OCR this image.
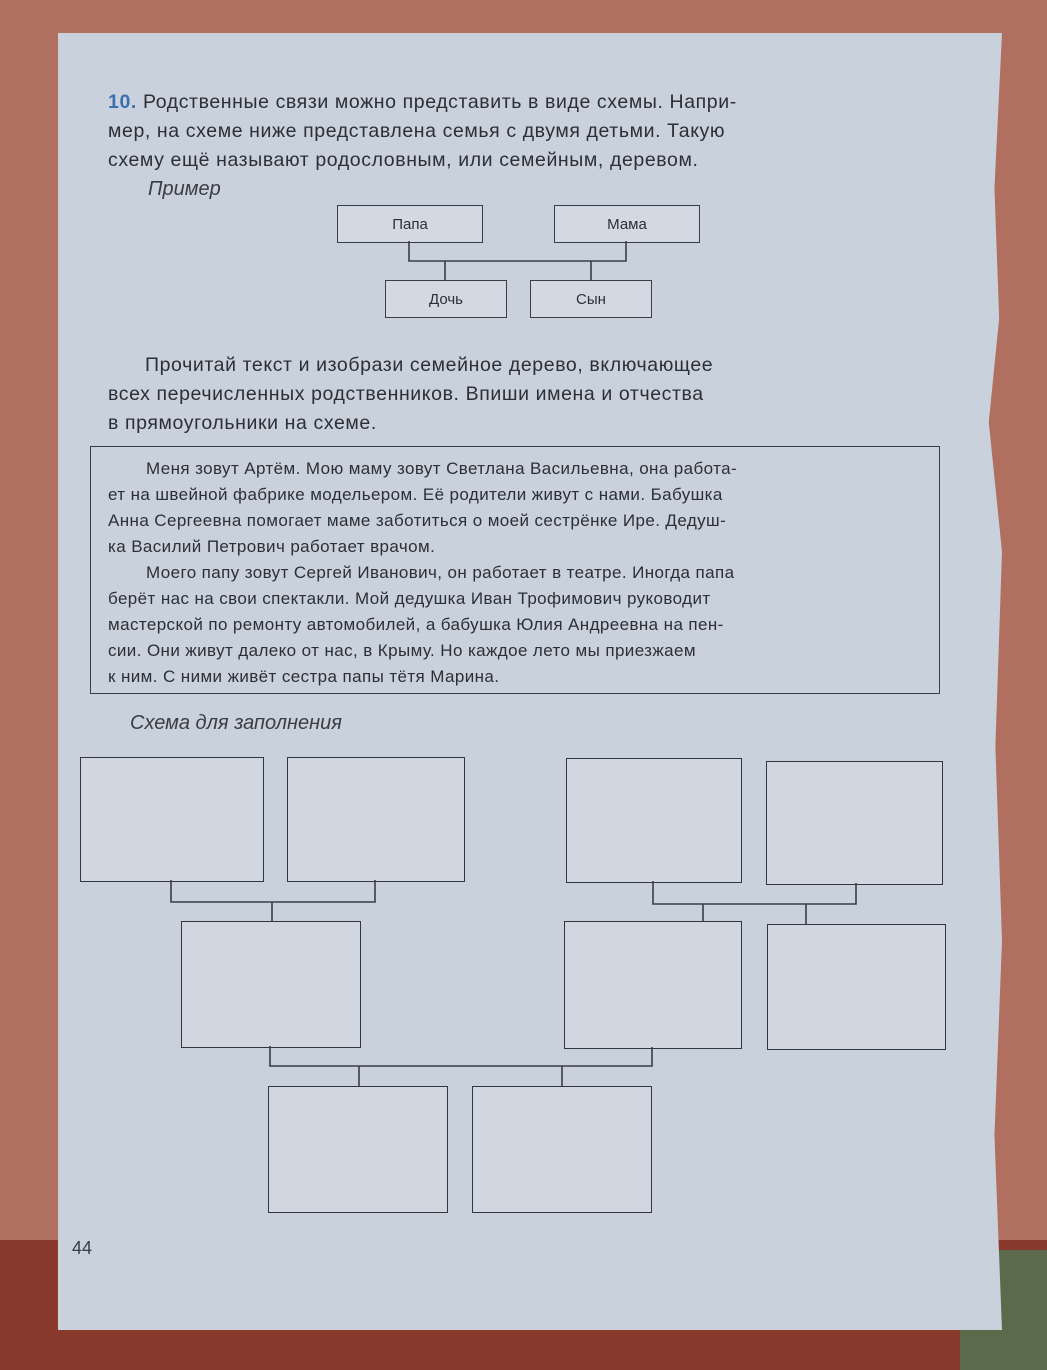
10. Родственные связи можно представить в виде схемы. Напри-
мер, на схеме ниже представлена семья с двумя детьми. Такую
схему ещё называют родословным, или семейным, деревом.
Пример
Папа	Мама
Дочь	Сын
Прочитай текст и изобрази семейное дерево, включающее
всех перечисленных родственников. Впиши имена и отчества
в прямоугольники на схеме.
Меня зовут Артём. Мою маму зовут Светлана Васильевна, она работа-
ет на швейной фабрике модельером. Её родители живут с нами. Бабушка
Анна Сергеевна помогает маме заботиться о моей сестрёнке Ире. Дедуш-
ка Василий Петрович работает врачом.
Моего папу зовут Сергей Иванович, он работает в театре. Иногда папа
берёт нас на свои спектакли. Мой дедушка Иван Трофимович руководит
мастерской по ремонту автомобилей, а бабушка Юлия Андреевна на пен-
сии. Они живут далеко от нас, в Крыму. Но каждое лето мы приезжаем
к ним. С ними живёт сестра папы тётя Марина.
Схема для заполнения
44
